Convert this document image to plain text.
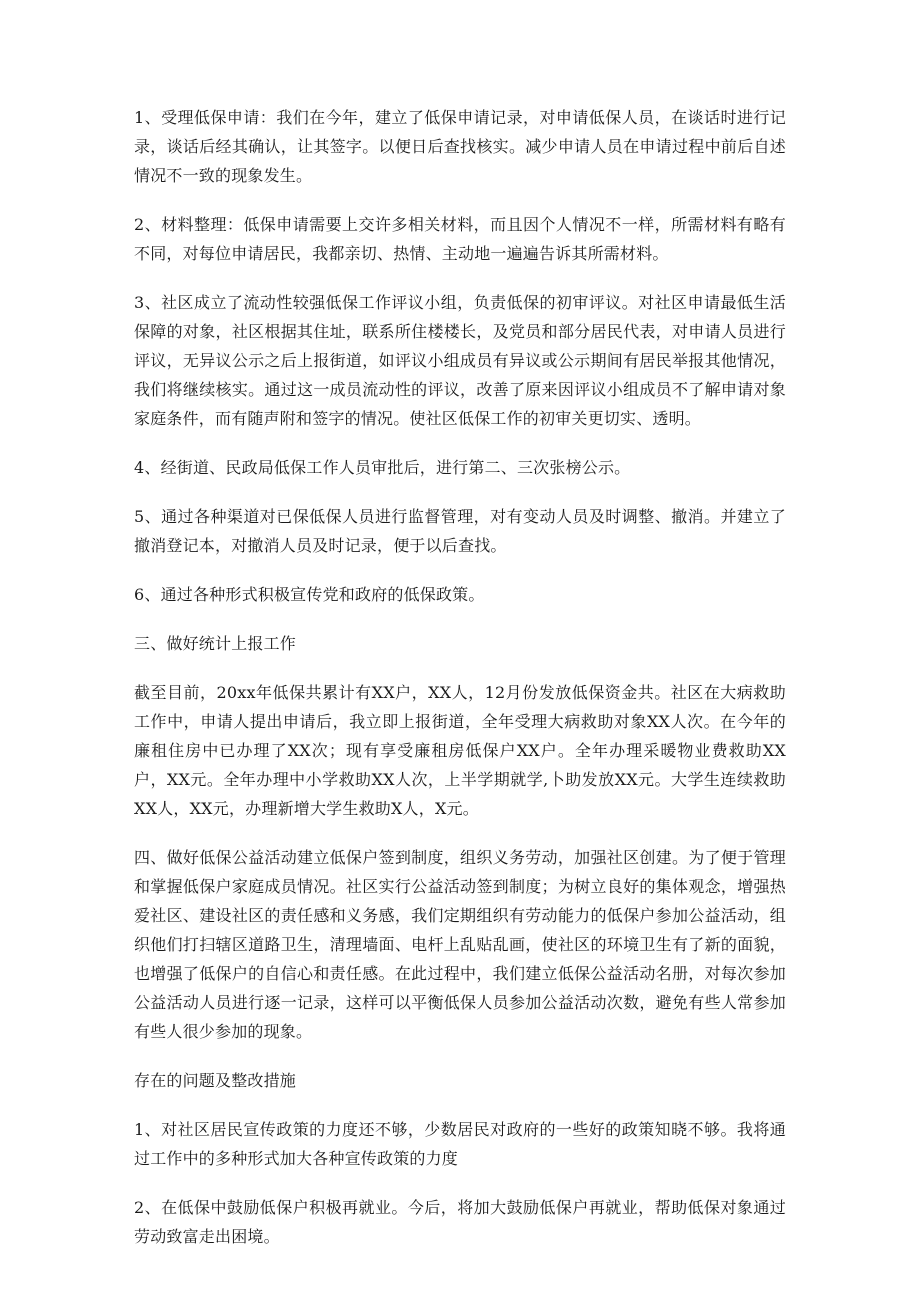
1、受理低保申请：我们在今年，建立了低保申请记录，对申请低保人员，在谈话时进行记录，谈话后经其确认，让其签字。以便日后查找核实。减少申请人员在申请过程中前后自述情况不一致的现象发生。

2、材料整理：低保申请需要上交许多相关材料，而且因个人情况不一样，所需材料有略有不同，对每位申请居民，我都亲切、热情、主动地一遍遍告诉其所需材料。

3、社区成立了流动性较强低保工作评议小组，负责低保的初审评议。对社区申请最低生活保障的对象，社区根据其住址，联系所住楼楼长，及党员和部分居民代表，对申请人员进行评议，无异议公示之后上报街道，如评议小组成员有异议或公示期间有居民举报其他情况，我们将继续核实。通过这一成员流动性的评议，改善了原来因评议小组成员不了解申请对象家庭条件，而有随声附和签字的情况。使社区低保工作的初审关更切实、透明。

4、经街道、民政局低保工作人员审批后，进行第二、三次张榜公示。

5、通过各种渠道对已保低保人员进行监督管理，对有变动人员及时调整、撤消。并建立了撤消登记本，对撤消人员及时记录，便于以后查找。

6、通过各种形式积极宣传党和政府的低保政策。

三、做好统计上报工作

截至目前，20xx年低保共累计有XX户，XX人，12月份发放低保资金共。社区在大病救助工作中，申请人提出申请后，我立即上报街道，全年受理大病救助对象XX人次。在今年的廉租住房中已办理了XX次；现有享受廉租房低保户XX户。全年办理采暖物业费救助XX户，XX元。全年办理中小学救助XX人次，上半学期就学,卜助发放XX元。大学生连续救助XX人，XX元，办理新增大学生救助X人，X元。

四、做好低保公益活动建立低保户签到制度，组织义务劳动，加强社区创建。为了便于管理和掌握低保户家庭成员情况。社区实行公益活动签到制度；为树立良好的集体观念，增强热爱社区、建设社区的责任感和义务感，我们定期组织有劳动能力的低保户参加公益活动，组织他们打扫辖区道路卫生，清理墙面、电杆上乱贴乱画，使社区的环境卫生有了新的面貌，也增强了低保户的自信心和责任感。在此过程中，我们建立低保公益活动名册，对每次参加公益活动人员进行逐一记录，这样可以平衡低保人员参加公益活动次数，避免有些人常参加有些人很少参加的现象。

存在的问题及整改措施

1、对社区居民宣传政策的力度还不够，少数居民对政府的一些好的政策知晓不够。我将通过工作中的多种形式加大各种宣传政策的力度

2、在低保中鼓励低保户积极再就业。今后，将加大鼓励低保户再就业，帮助低保对象通过劳动致富走出困境。
